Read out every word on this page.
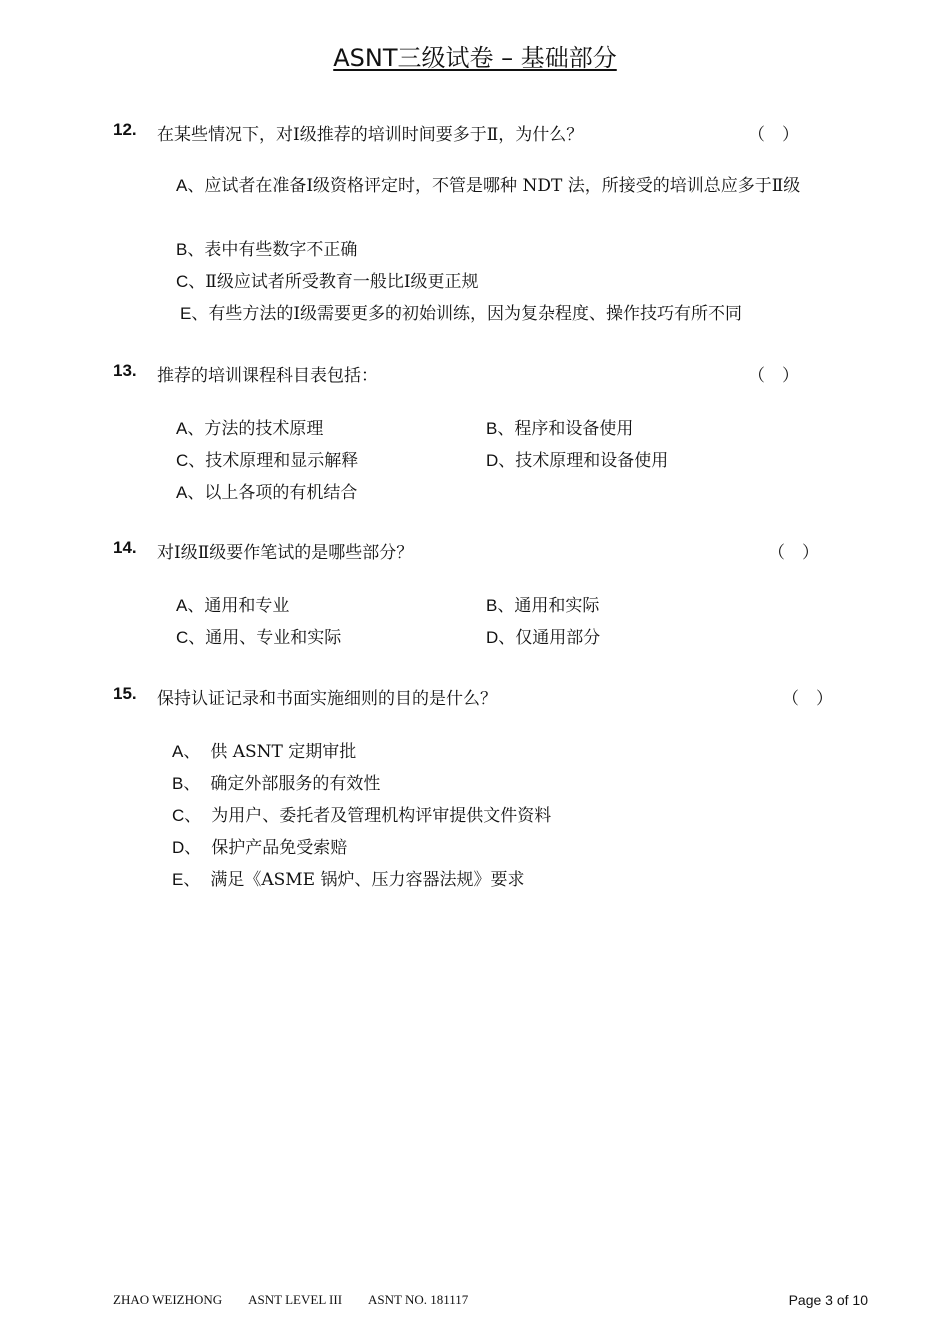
ASNT三级试卷 – 基础部分
12. 在某些情况下，对Ⅰ级推荐的培训时间要多于Ⅱ，为什么？	（　）
A、应试者在准备Ⅰ级资格评定时，不管是哪种 NDT 法，所接受的培训总应多于Ⅱ级
B、表中有些数字不正确
C、Ⅱ级应试者所受教育一般比Ⅰ级更正规
E、有些方法的Ⅰ级需要更多的初始训练，因为复杂程度、操作技巧有所不同
13. 推荐的培训课程科目表包括：	（　）
A、方法的技术原理	B、程序和设备使用
C、技术原理和显示解释	D、技术原理和设备使用
A、以上各项的有机结合
14. 对Ⅰ级Ⅱ级要作笔试的是哪些部分？	（　）
A、通用和专业	B、通用和实际
C、通用、专业和实际	D、仅通用部分
15. 保持认证记录和书面实施细则的目的是什么？	（　）
A、 供 ASNT 定期审批
B、 确定外部服务的有效性
C、 为用户、委托者及管理机构评审提供文件资料
D、 保护产品免受索赔
E、 满足《ASME 锅炉、压力容器法规》要求
ZHAO WEIZHONG ASNT LEVEL III ASNT NO. 181117	Page 3 of 10
